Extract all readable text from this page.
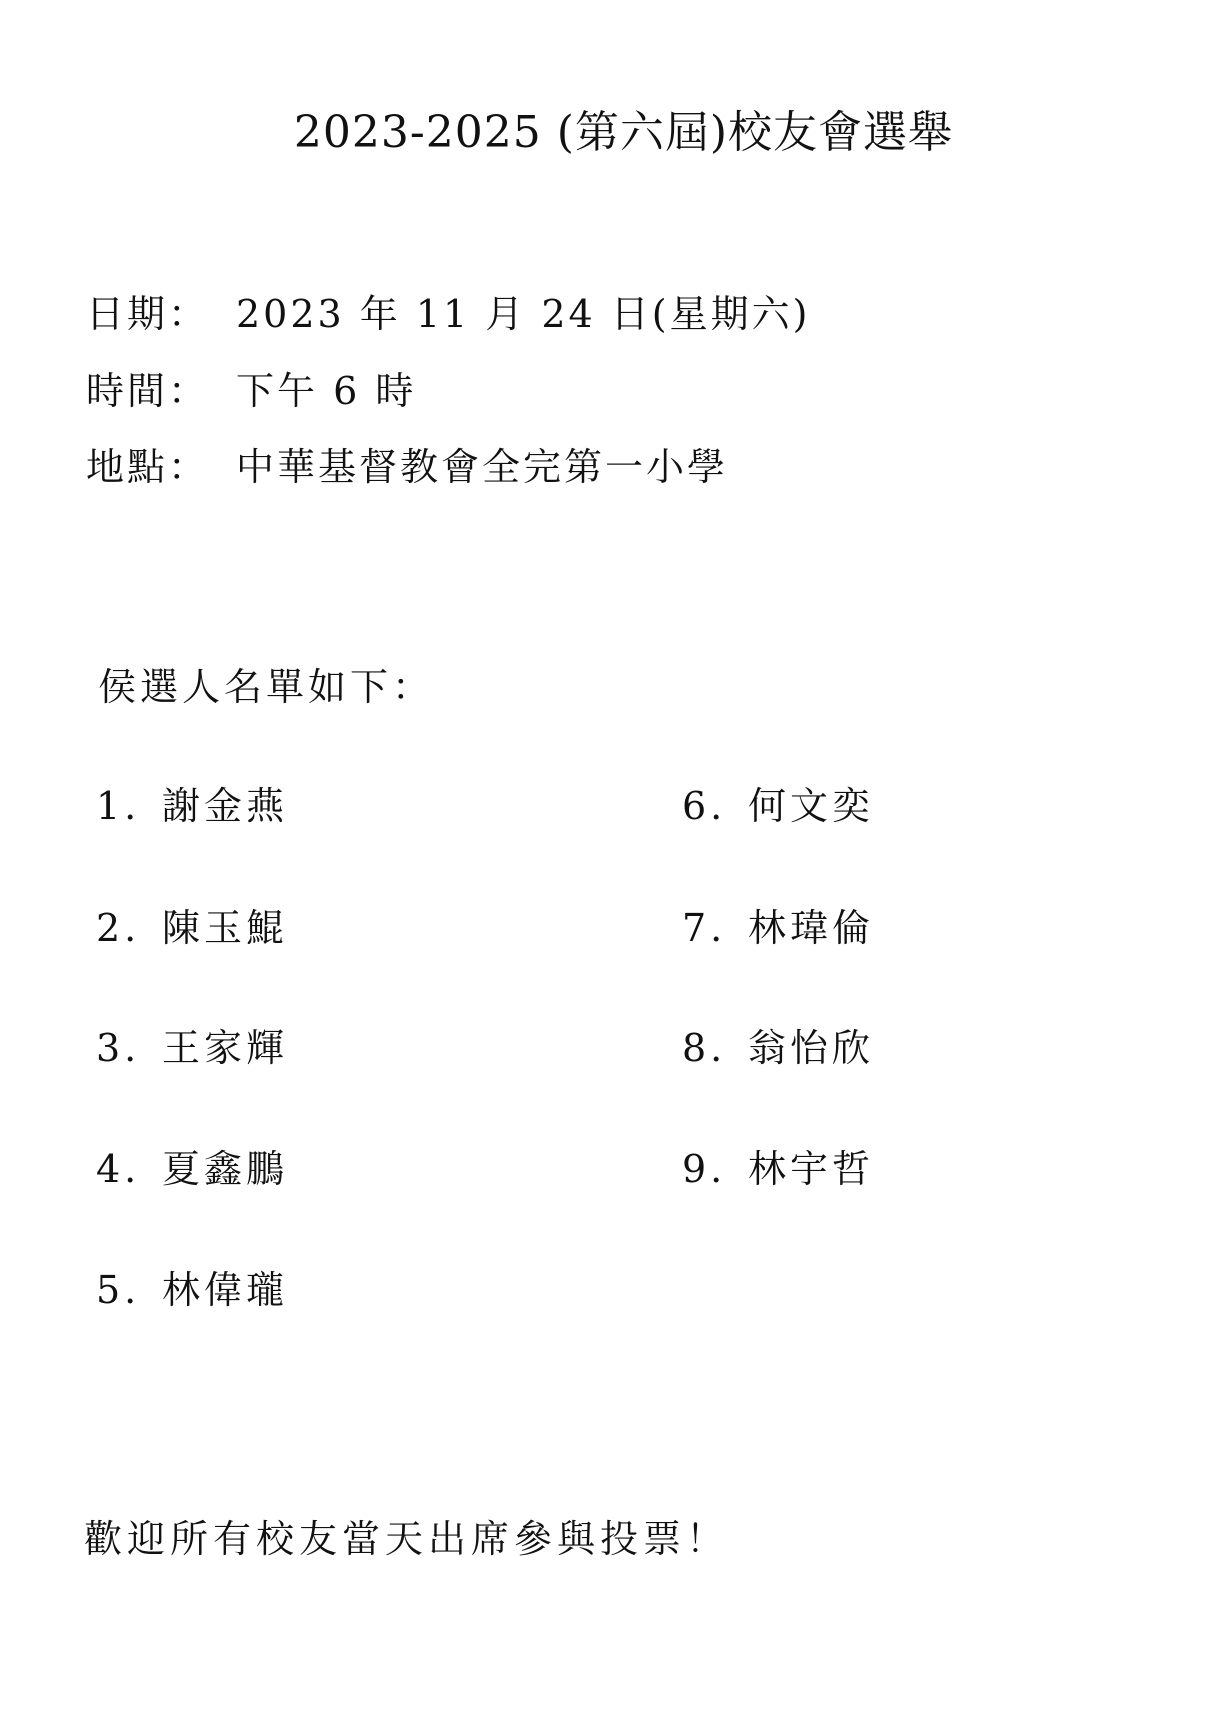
2023-2025 (第六屆)校友會選舉
日期： 2023 年 11 月 24 日(星期六)
時間： 下午 6 時
地點： 中華基督教會全完第一小學
侯選人名單如下：
1. 謝金燕
2. 陳玉鯤
3. 王家輝
4. 夏鑫鵬
5. 林偉瓏
6. 何文奕
7. 林瑋倫
8. 翁怡欣
9. 林宇哲
歡迎所有校友當天出席參與投票！
